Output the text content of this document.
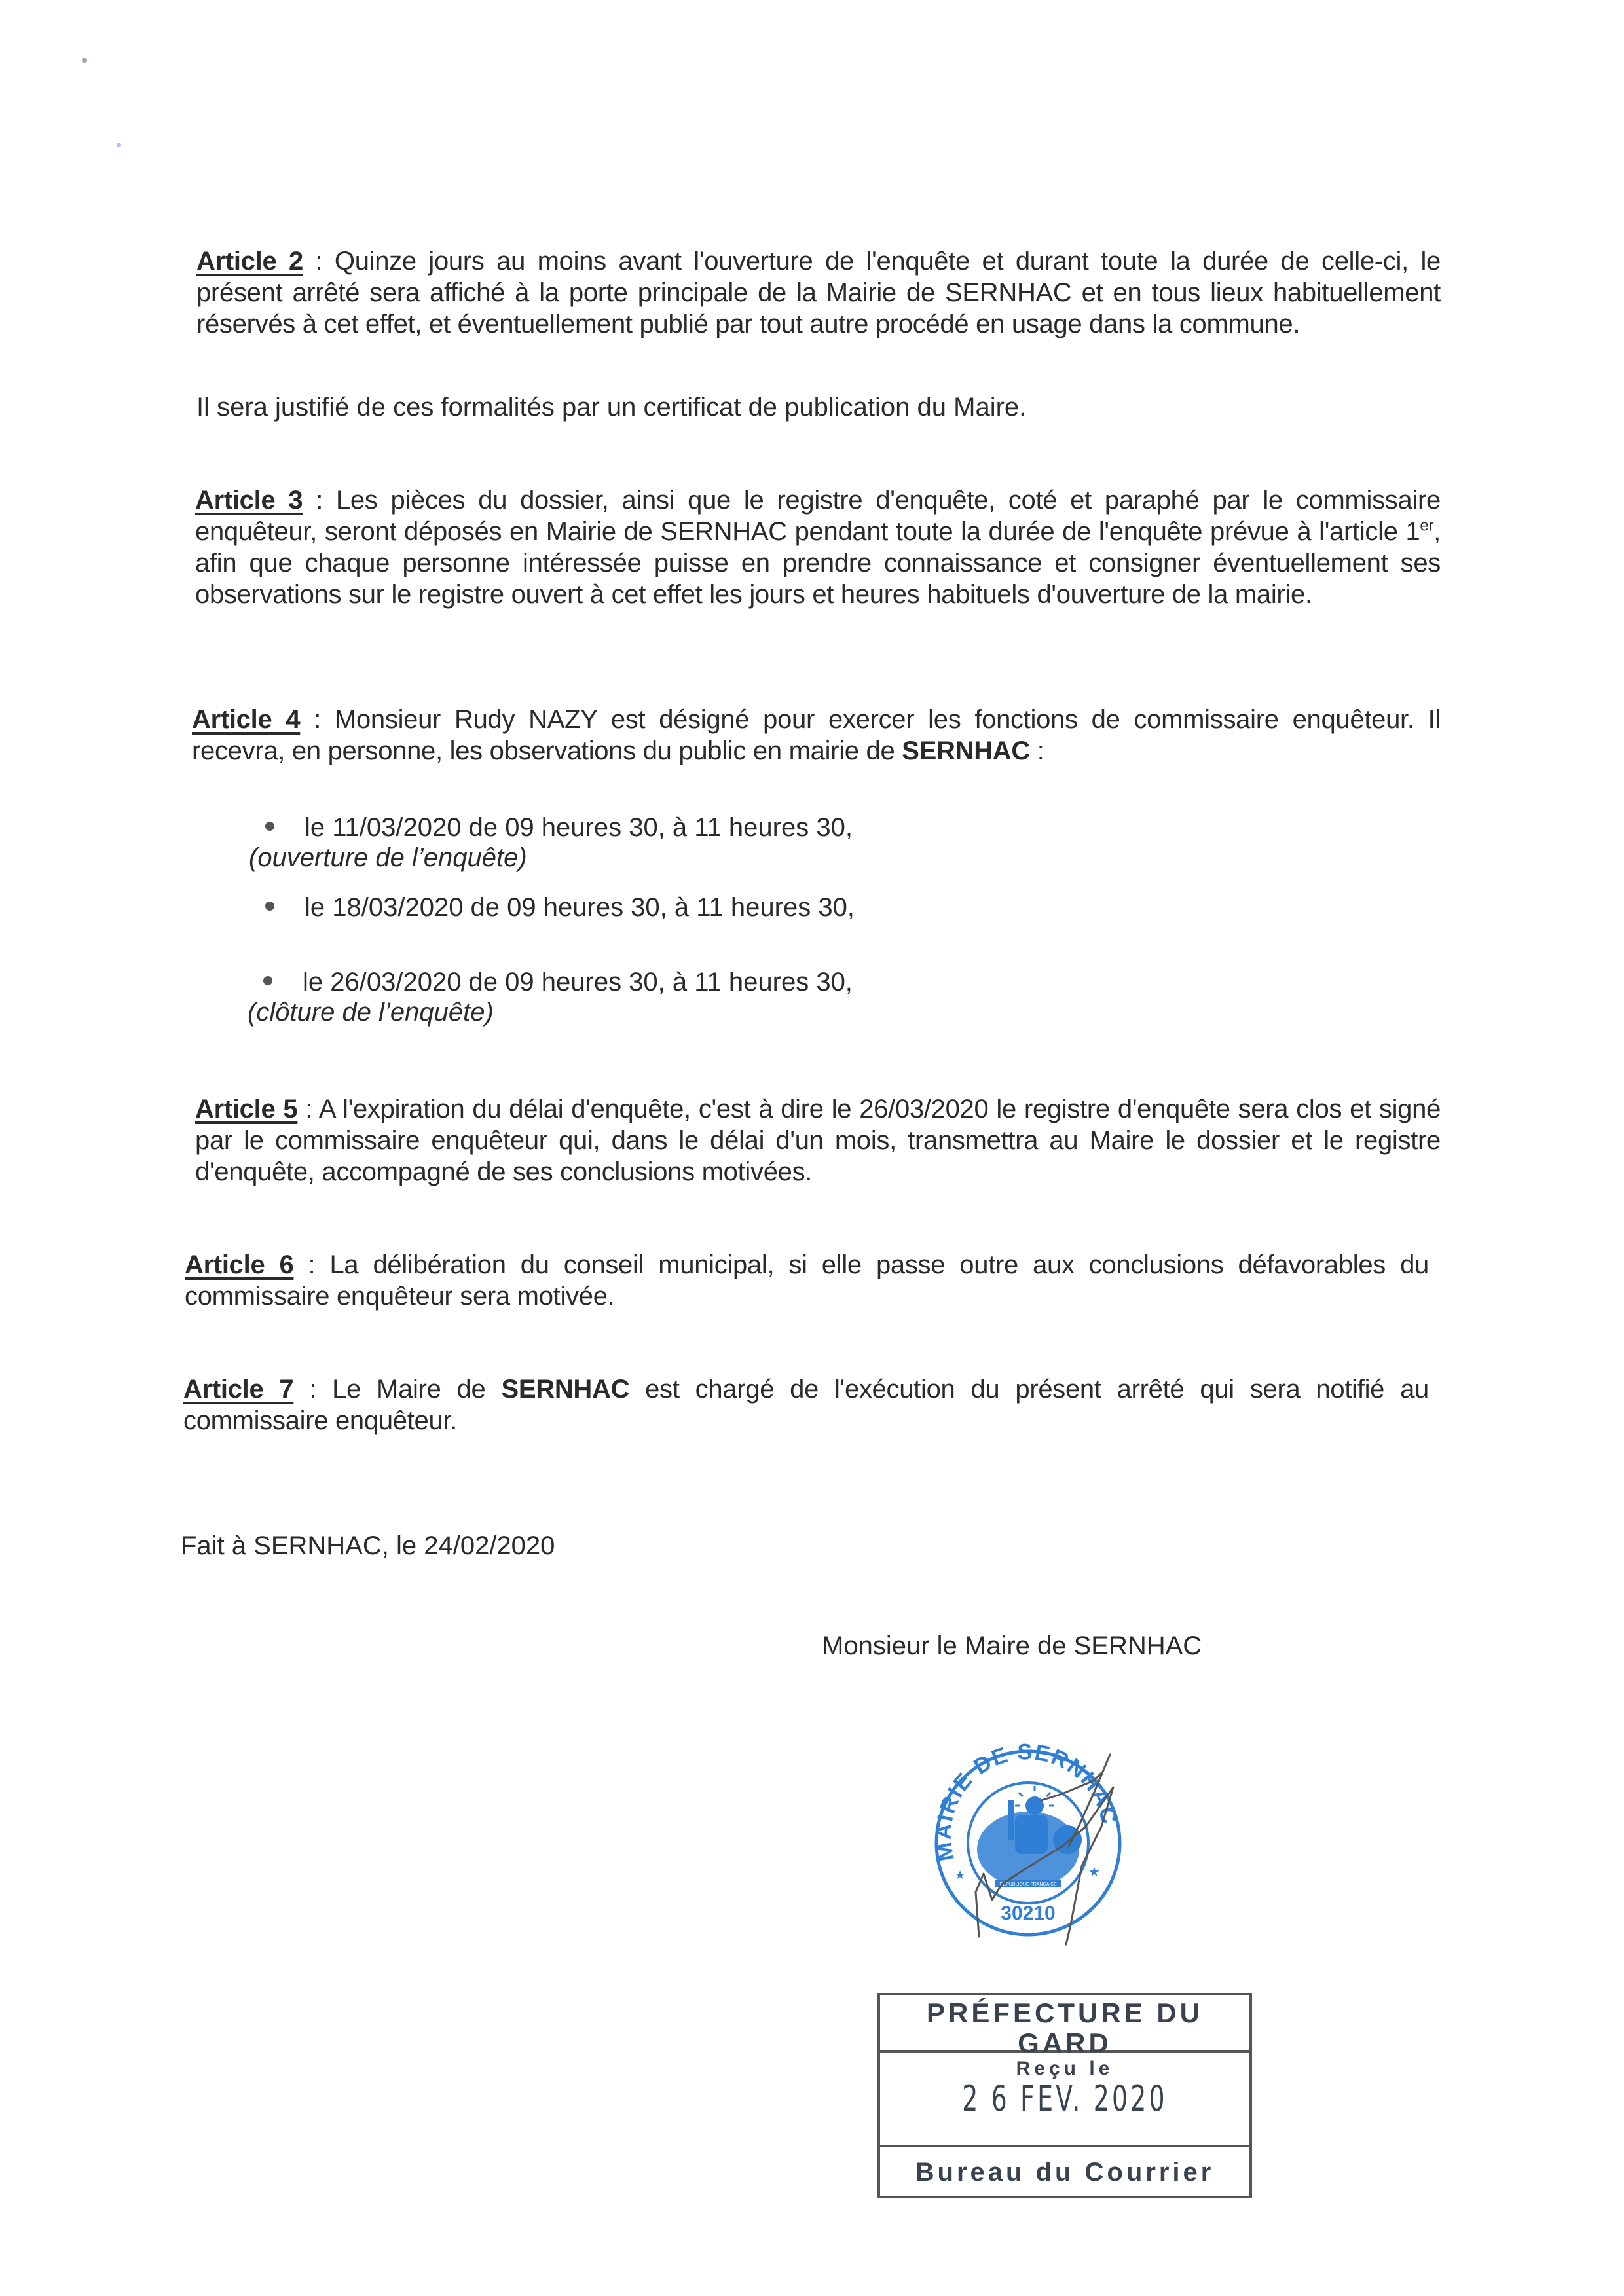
Article 2 : Quinze jours au moins avant l'ouverture de l'enquête et durant toute la durée de celle-ci, le présent arrêté sera affiché à la porte principale de la Mairie de SERNHAC et en tous lieux habituellement réservés à cet effet, et éventuellement publié par tout autre procédé en usage dans la commune.
Il sera justifié de ces formalités par un certificat de publication du Maire.
Article 3 : Les pièces du dossier, ainsi que le registre d'enquête, coté et paraphé par le commissaire enquêteur, seront déposés en Mairie de SERNHAC pendant toute la durée de l'enquête prévue à l'article 1er, afin que chaque personne intéressée puisse en prendre connaissance et consigner éventuellement ses observations sur le registre ouvert à cet effet les jours et heures habituels d'ouverture de la mairie.
Article 4 : Monsieur Rudy NAZY est désigné pour exercer les fonctions de commissaire enquêteur. Il recevra, en personne, les observations du public en mairie de SERNHAC :
le 11/03/2020 de 09 heures 30, à 11 heures 30,
(ouverture de l’enquête)
le 18/03/2020 de 09 heures 30, à 11 heures 30,
le 26/03/2020 de 09 heures 30, à 11 heures 30,
(clôture de l’enquête)
Article 5 : A l'expiration du délai d'enquête, c'est à dire le 26/03/2020 le registre d'enquête sera clos et signé par le commissaire enquêteur qui, dans le délai d'un mois, transmettra au Maire le dossier et le registre d'enquête, accompagné de ses conclusions motivées.
Article 6 : La délibération du conseil municipal, si elle passe outre aux conclusions défavorables du commissaire enquêteur sera motivée.
Article 7 : Le Maire de SERNHAC est chargé de l'exécution du présent arrêté qui sera notifié au commissaire enquêteur.
Fait à SERNHAC, le 24/02/2020
Monsieur le Maire de SERNHAC
MAIRIE DE SERNHAC
RÉPUBLIQUE FRANÇAISE
30210
★	★
PRÉFECTURE DU GARD
Reçu le
2 6 FEV. 2020
Bureau du Courrier
